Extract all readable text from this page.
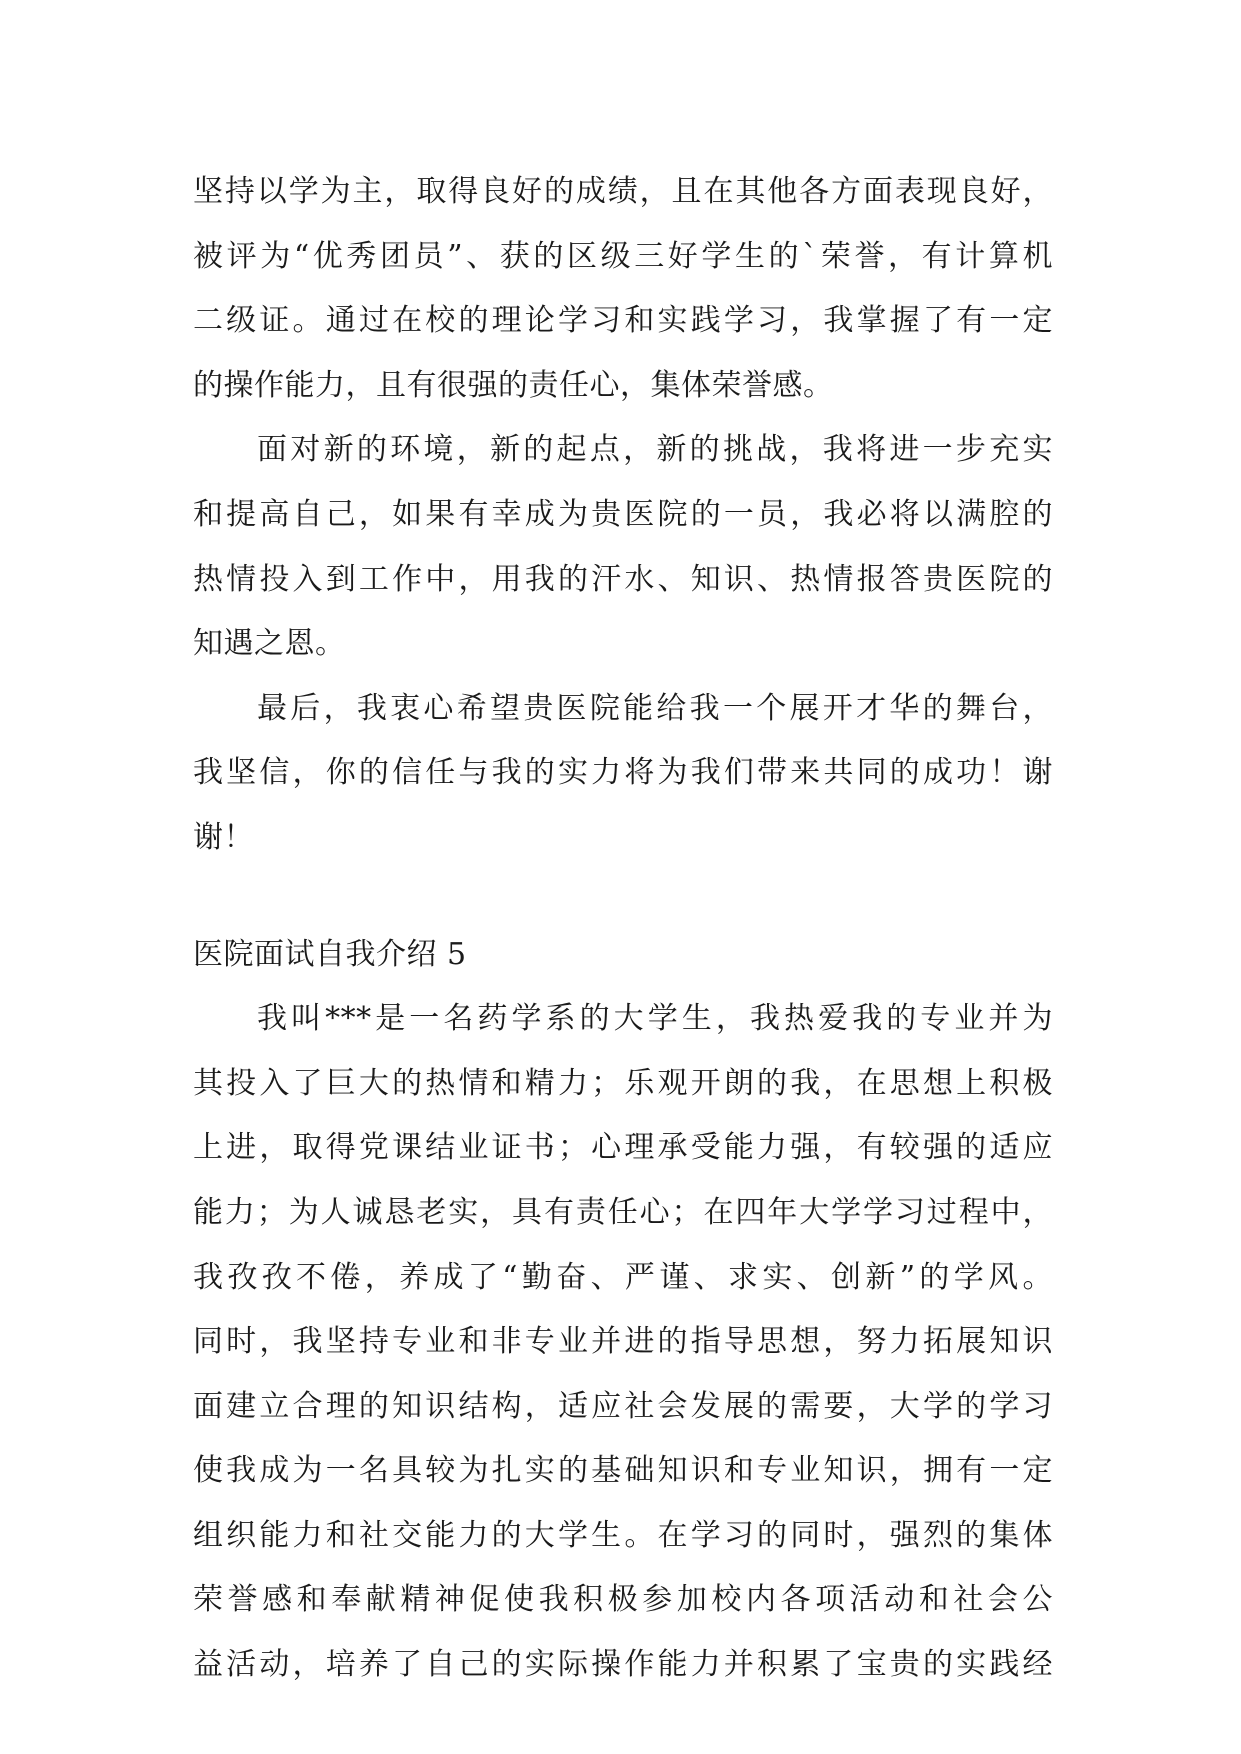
坚持以学为主，取得良好的成绩，且在其他各方面表现良好，
被评为“优秀团员”、获的区级三好学生的`荣誉，有计算机
二级证。通过在校的理论学习和实践学习，我掌握了有一定
的操作能力，且有很强的责任心，集体荣誉感。
面对新的环境，新的起点，新的挑战，我将进一步充实
和提高自己，如果有幸成为贵医院的一员，我必将以满腔的
热情投入到工作中，用我的汗水、知识、热情报答贵医院的
知遇之恩。
最后，我衷心希望贵医院能给我一个展开才华的舞台，
我坚信，你的信任与我的实力将为我们带来共同的成功！谢
谢！
医院面试自我介绍 5
我叫***是一名药学系的大学生，我热爱我的专业并为
其投入了巨大的热情和精力；乐观开朗的我，在思想上积极
上进，取得党课结业证书；心理承受能力强，有较强的适应
能力；为人诚恳老实，具有责任心；在四年大学学习过程中，
我孜孜不倦，养成了“勤奋、严谨、求实、创新”的学风。
同时，我坚持专业和非专业并进的指导思想，努力拓展知识
面建立合理的知识结构，适应社会发展的需要，大学的学习
使我成为一名具较为扎实的基础知识和专业知识，拥有一定
组织能力和社交能力的大学生。在学习的同时，强烈的集体
荣誉感和奉献精神促使我积极参加校内各项活动和社会公
益活动，培养了自己的实际操作能力并积累了宝贵的实践经
